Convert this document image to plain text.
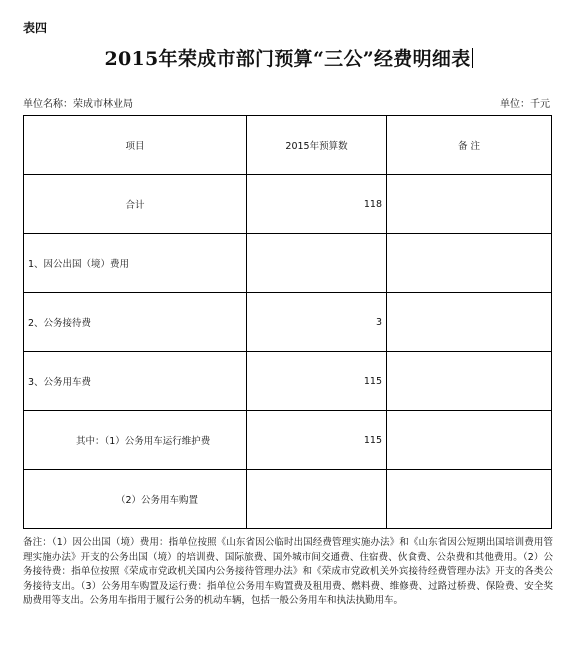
表四
2015年荣成市部门预算“三公”经费明细表
单位名称：荣成市林业局	单位：千元
项目	2015年预算数	备 注
合计	118	
1、因公出国（境）费用		
2、公务接待费	3	
3、公务用车费	115	
其中：（1）公务用车运行维护费	115	
（2）公务用车购置		
备注：（1）因公出国（境）费用：指单位按照《山东省因公临时出国经费管理实施办法》和《山东省因公短期出国培训费用管理实施办法》开支的公务出国（境）的培训费、国际旅费、国外城市间交通费、住宿费、伙食费、公杂费和其他费用。（2）公务接待费：指单位按照《荣成市党政机关国内公务接待管理办法》和《荣成市党政机关外宾接待经费管理办法》开支的各类公务接待支出。（3）公务用车购置及运行费：指单位公务用车购置费及租用费、燃料费、维修费、过路过桥费、保险费、安全奖励费用等支出。公务用车指用于履行公务的机动车辆，包括一般公务用车和执法执勤用车。
